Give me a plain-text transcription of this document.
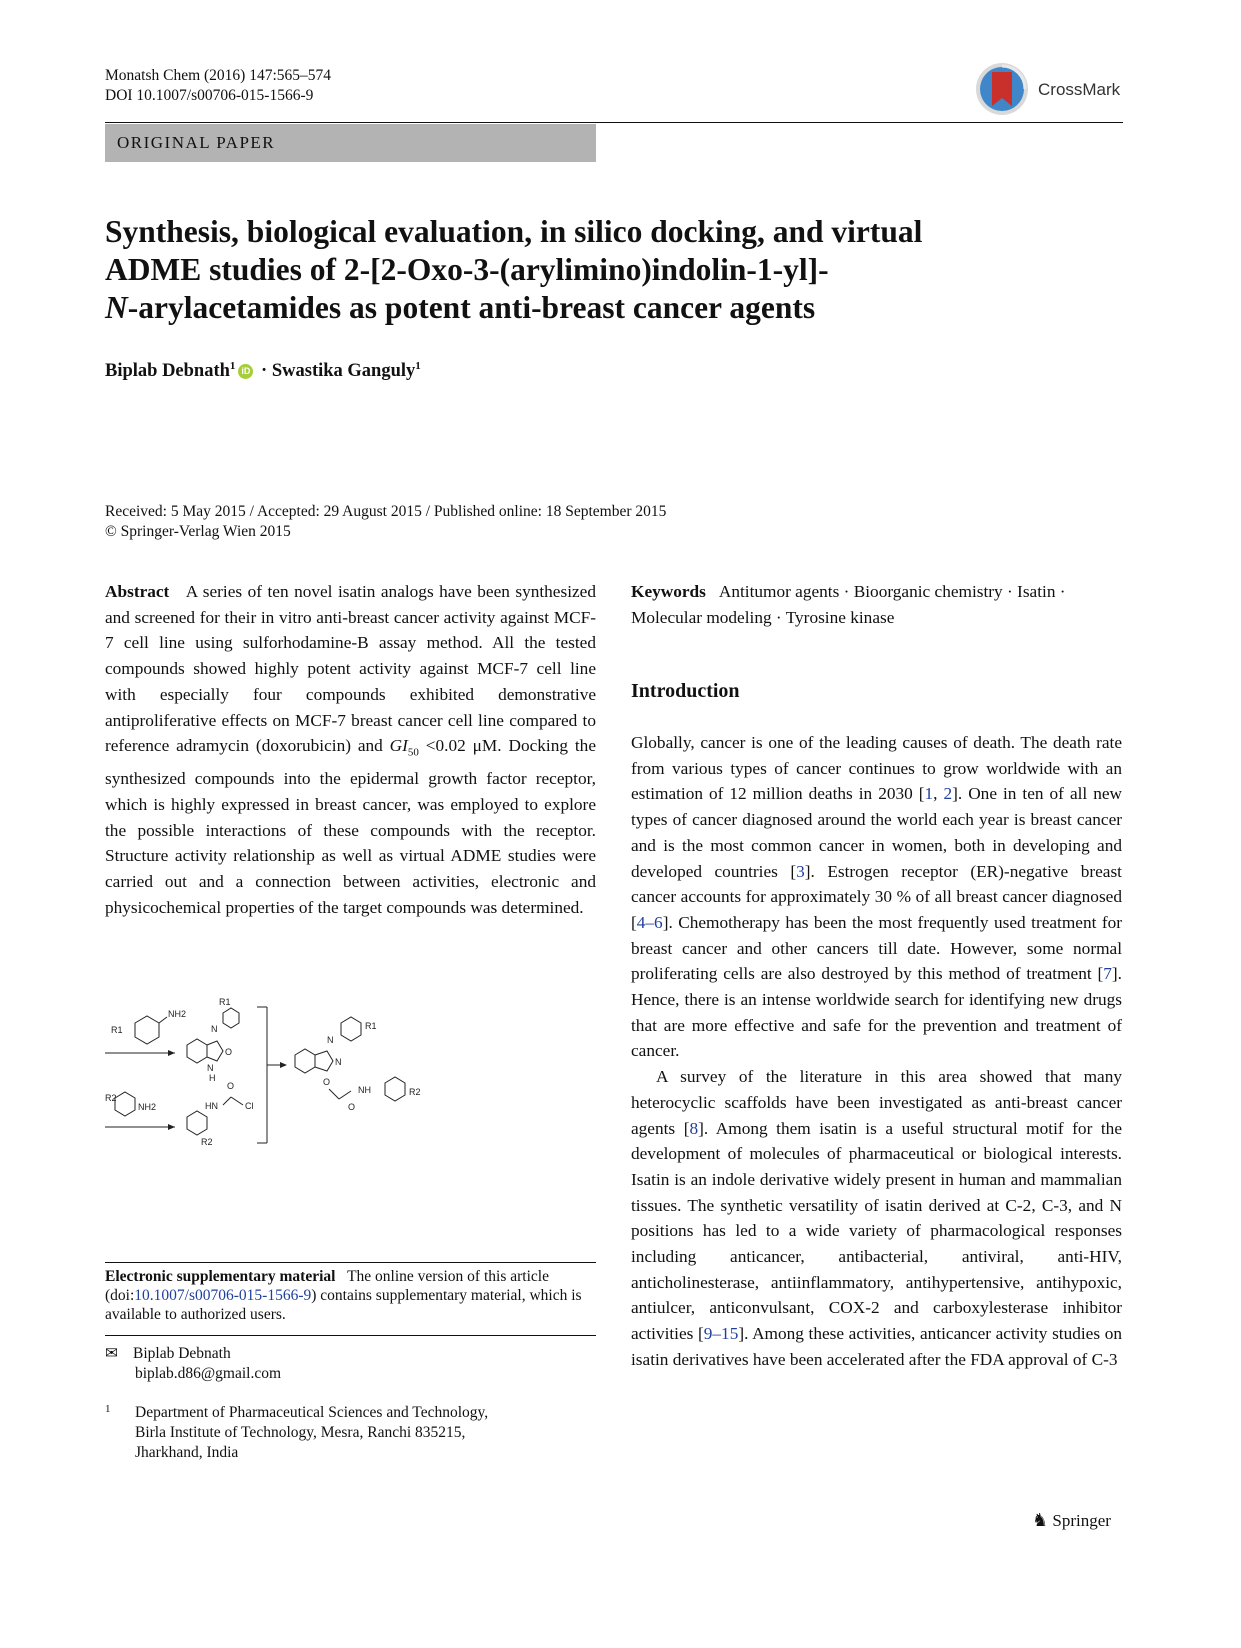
Monatsh Chem (2016) 147:565–574
DOI 10.1007/s00706-015-1566-9	CrossMark
ORIGINAL PAPER
Synthesis, biological evaluation, in silico docking, and virtual
ADME studies of 2-[2-Oxo-3-(arylimino)indolin-1-yl]-
N-arylacetamides as potent anti-breast cancer agents
Biplab Debnath$^1$ iD · Swastika Ganguly$^1$
Received: 5 May 2015 / Accepted: 29 August 2015 / Published online: 18 September 2015
© Springer-Verlag Wien 2015

Abstract A series of ten novel isatin analogs have been synthesized and screened for their in vitro anti-breast cancer activity against MCF-7 cell line using sulforhodamine-B assay method. All the tested compounds showed highly potent activity against MCF-7 cell line with especially four compounds exhibited demonstrative antiproliferative effects on MCF-7 breast cancer cell line compared to reference adramycin (doxorubicin) and $GI_{50} <0.02$ μM. Docking the synthesized compounds into the epidermal growth factor receptor, which is highly expressed in breast cancer, was employed to explore the possible interactions of these compounds with the receptor. Structure activity relationship as well as virtual ADME studies were carried out and a connection between activities, electronic and physicochemical properties of the target compounds was determined.

NH2
R1
O
N
H
N
R1
N
O
N
R1
O
NH	R2
NH2
R2
HN
O
Cl
R2
Electronic supplementary material The online version of this article (doi:10.1007/s00706-015-1566-9) contains supplementary material, which is available to authorized users.
✉ Biplab Debnath
biplab.d86@gmail.com
1	Department of Pharmaceutical Sciences and Technology,
Birla Institute of Technology, Mesra, Ranchi 835215,
Jharkhand, India

Keywords Antitumor agents · Bioorganic chemistry · Isatin · Molecular modeling · Tyrosine kinase

Introduction

Globally, cancer is one of the leading causes of death. The death rate from various types of cancer continues to grow worldwide with an estimation of 12 million deaths in 2030 [1, 2]. One in ten of all new types of cancer diagnosed around the world each year is breast cancer and is the most common cancer in women, both in developing and developed countries [3]. Estrogen receptor (ER)-negative breast cancer accounts for approximately 30 % of all breast cancer diagnosed [4–6]. Chemotherapy has been the most frequently used treatment for breast cancer and other cancers till date. However, some normal proliferating cells are also destroyed by this method of treatment [7]. Hence, there is an intense worldwide search for identifying new drugs that are more effective and safe for the prevention and treatment of cancer.

A survey of the literature in this area showed that many heterocyclic scaffolds have been investigated as anti-breast cancer agents [8]. Among them isatin is a useful structural motif for the development of molecules of pharmaceutical or biological interests. Isatin is an indole derivative widely present in human and mammalian tissues. The synthetic versatility of isatin derived at C-2, C-3, and N positions has led to a wide variety of pharmacological responses including anticancer, antibacterial, antiviral, anti-HIV, anticholinesterase, antiinflammatory, antihypertensive, antihypoxic, antiulcer, anticonvulsant, COX-2 and carboxylesterase inhibitor activities [9–15]. Among these activities, anticancer activity studies on isatin derivatives have been accelerated after the FDA approval of C-3

♞ Springer
